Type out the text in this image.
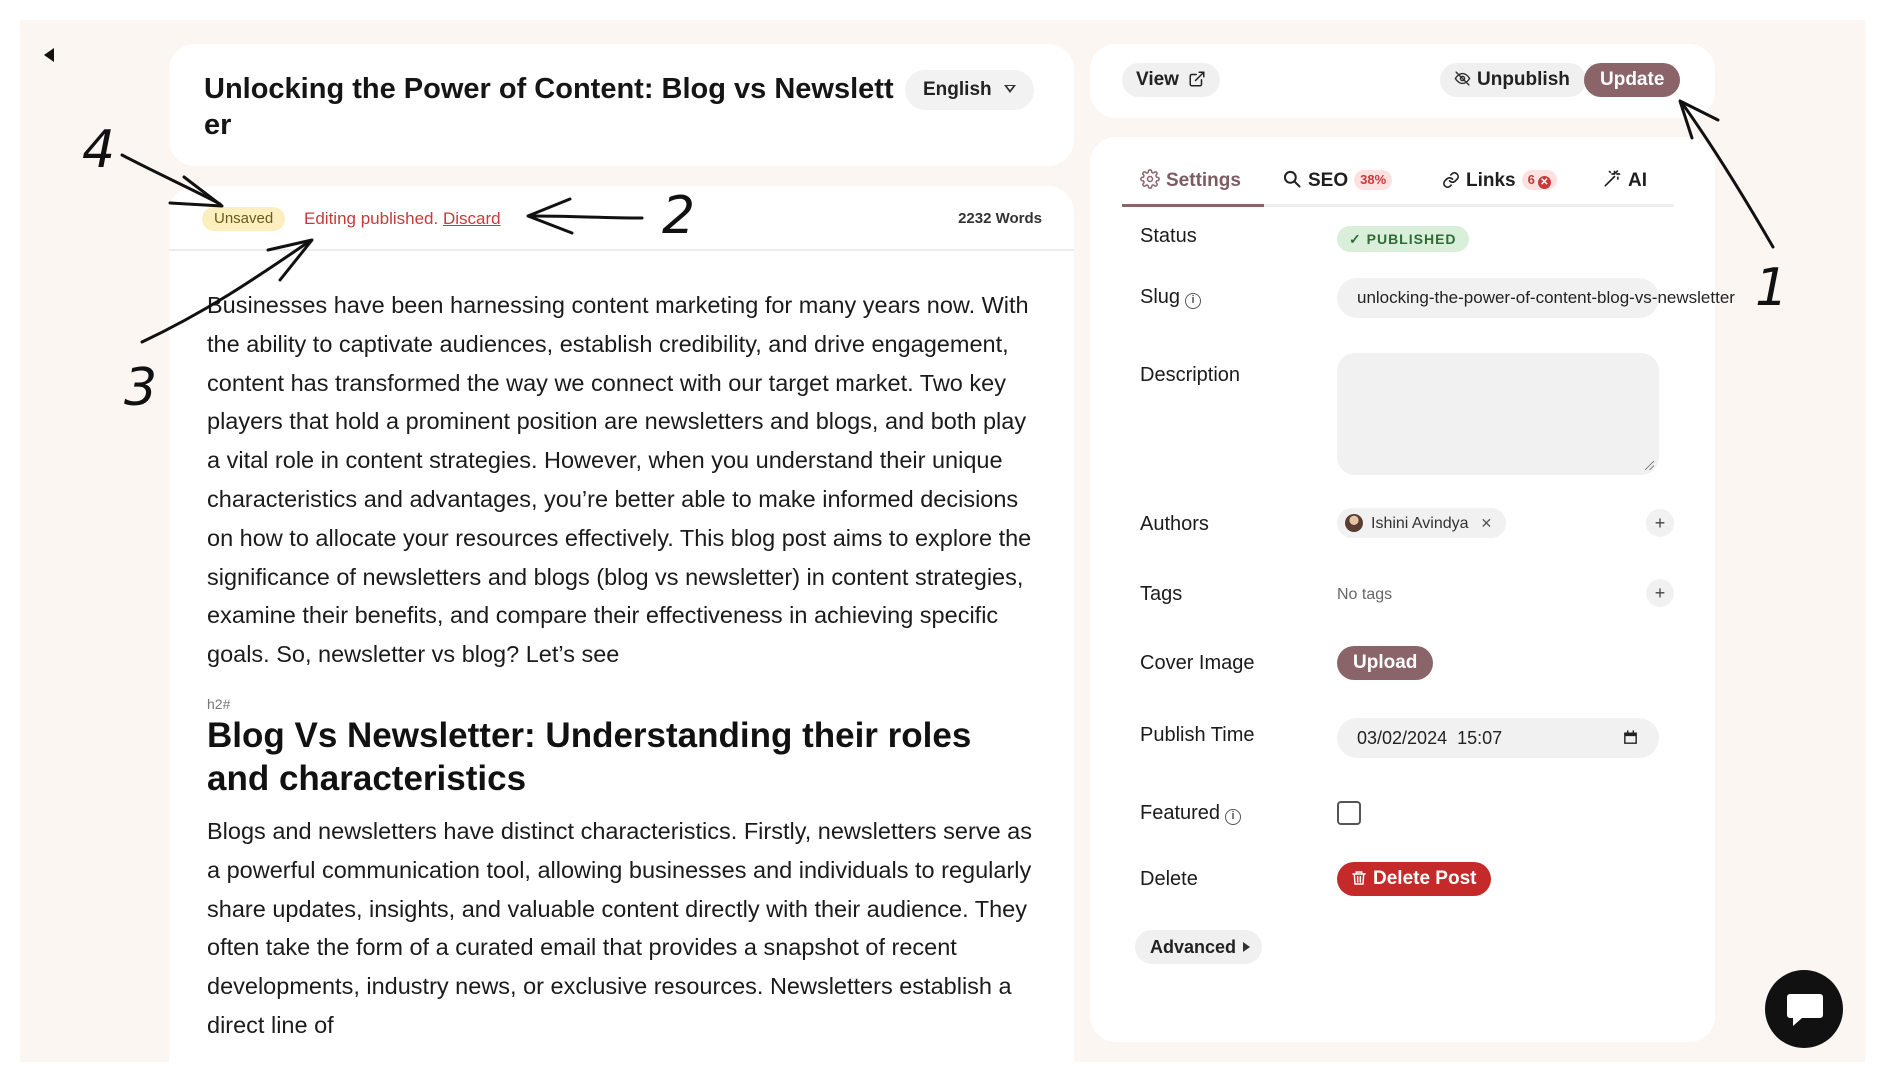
Unlocking the Power of Content: Blog vs Newsletter
English
Unsaved	Editing published. Discard	2232 Words

Businesses have been harnessing content marketing for many years now. With the ability to captivate audiences, establish credibility, and drive engagement, content has transformed the way we connect with our target market. Two key players that hold a prominent position are newsletters and blogs, and both play a vital role in content strategies. However, when you understand their unique characteristics and advantages, you’re better able to make informed decisions on how to allocate your resources effectively. This blog post aims to explore the significance of newsletters and blogs (blog vs newsletter) in content strategies, examine their benefits, and compare their effectiveness in achieving specific goals. So, newsletter vs blog? Let’s see

h2#
Blog Vs Newsletter: Understanding their roles and characteristics

Blogs and newsletters have distinct characteristics. Firstly, newsletters serve as a powerful communication tool, allowing businesses and individuals to regularly share updates, insights, and valuable content directly with their audience. They often take the form of a curated email that provides a snapshot of recent developments, industry news, or exclusive resources. Newsletters establish a direct line of

View	Unpublish	Update
Settings	SEO 38%	Links 6 ✕	AI
Status	✓ PUBLISHED
Slug i	unlocking-the-power-of-content-blog-vs-newsletter
Description
Authors	Ishini Avindya ✕	+
Tags	No tags	+
Cover Image	Upload
Publish Time	03/02/2024  15:07
Featured i
Delete	Delete Post
Advanced
1
2
3
4
